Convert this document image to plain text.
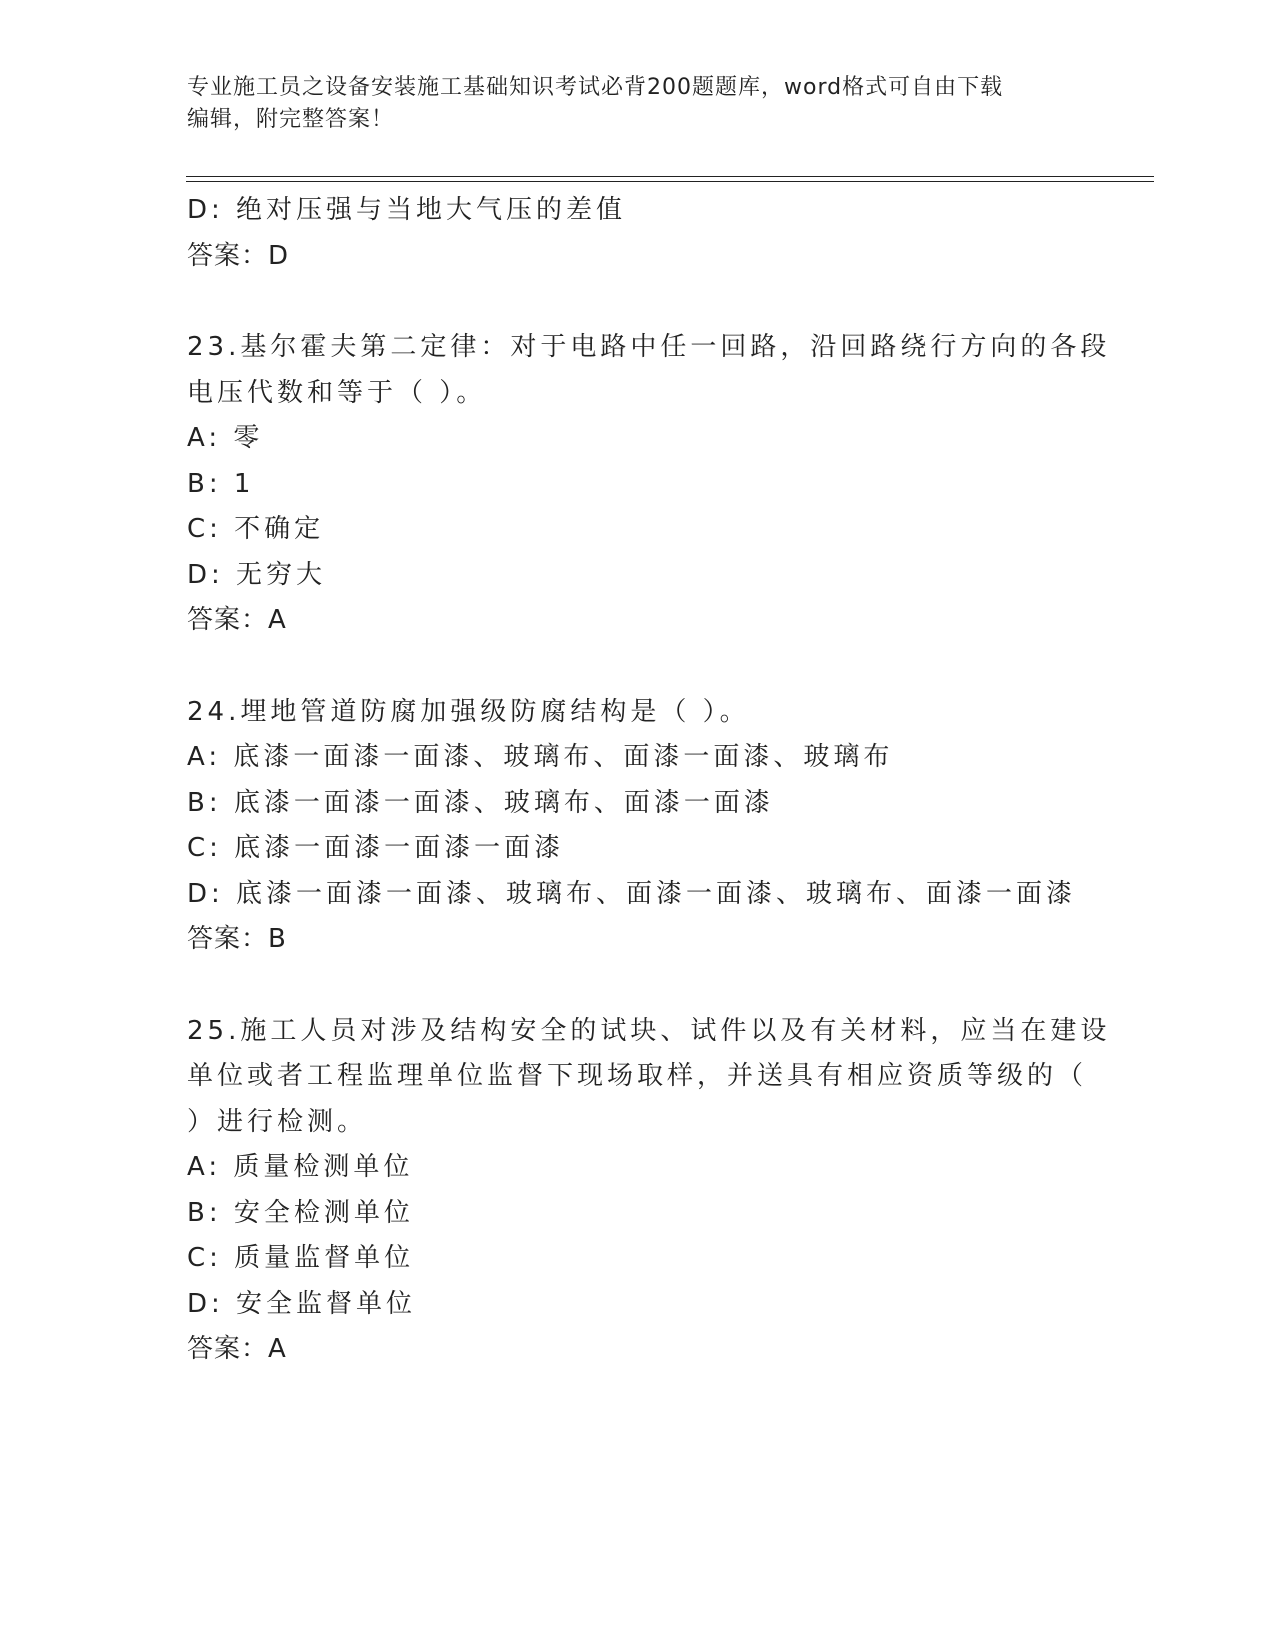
专业施工员之设备安装施工基础知识考试必背200题题库，word格式可自由下载
编辑，附完整答案！
D: 绝对压强与当地大气压的差值
答案：D
23.基尔霍夫第二定律：对于电路中任一回路，沿回路绕行方向的各段
电压代数和等于（ ）。
A: 零
B: 1
C: 不确定
D: 无穷大
答案：A
24.埋地管道防腐加强级防腐结构是（ ）。
A: 底漆一面漆一面漆、玻璃布、面漆一面漆、玻璃布
B: 底漆一面漆一面漆、玻璃布、面漆一面漆
C: 底漆一面漆一面漆一面漆
D: 底漆一面漆一面漆、玻璃布、面漆一面漆、玻璃布、面漆一面漆
答案：B
25.施工人员对涉及结构安全的试块、试件以及有关材料，应当在建设
单位或者工程监理单位监督下现场取样，并送具有相应资质等级的（
）进行检测。
A: 质量检测单位
B: 安全检测单位
C: 质量监督单位
D: 安全监督单位
答案：A
